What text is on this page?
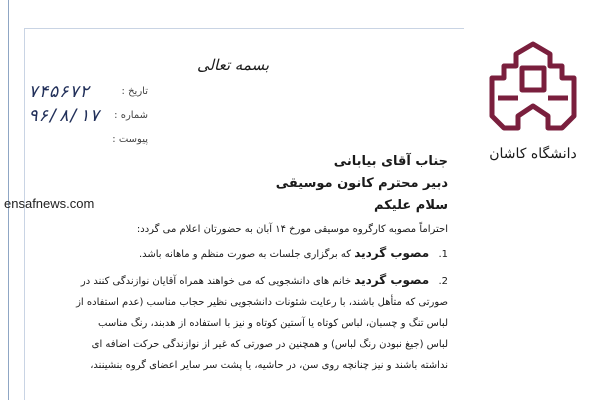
بسمه تعالی
۷۴۵۶۷۲	تاریخ :
۹۶/۸/۱۷	شماره :
پیوست :
ensafnews.com
دانشگاه کاشان
جناب آقای بیابانی
دبیر محترم کانون موسیقی
سلام علیکم
احتراماً مصوبه کارگروه موسیقی مورخ ۱۴ آبان به حضورتان اعلام می گردد:
1. مصوب گردید که برگزاری جلسات به صورت منظم و ماهانه باشد.
2. مصوب گردید خانم های دانشجویی که می خواهند همراه آقایان نوازندگی کنند در
صورتی که متأهل باشند، با رعایت شئونات دانشجویی نظیر حجاب مناسب (عدم استفاده از
لباس تنگ و چسبان، لباس کوتاه یا آستین کوتاه و نیز با استفاده از هدبند، رنگ مناسب
لباس (جیغ نبودن رنگ لباس) و همچنین در صورتی که غیر از نوازندگی حرکت اضافه ای
نداشته باشند و نیز چنانچه روی سن، در حاشیه، یا پشت سر سایر اعضای گروه بنشینند،
